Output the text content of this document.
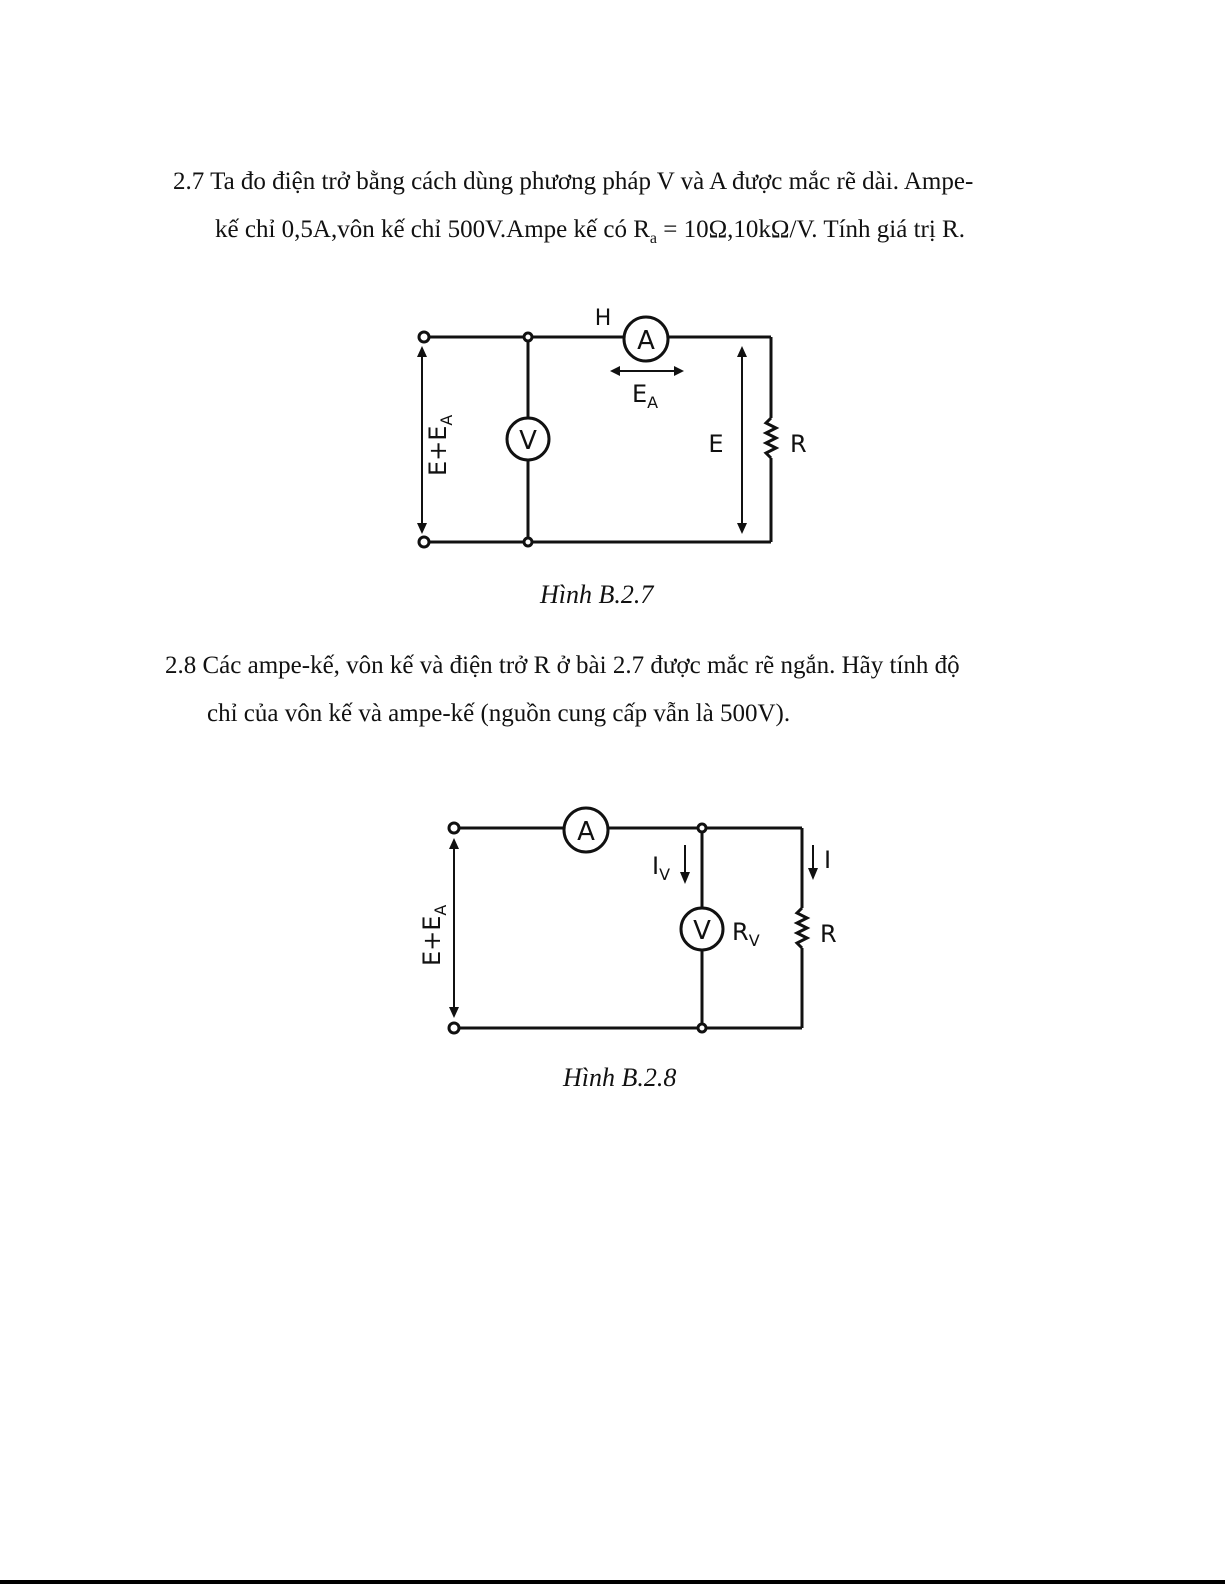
2.7 Ta đo điện trở bằng cách dùng phương pháp V và A được mắc rẽ dài. Ampe-
kế chỉ 0,5A,vôn kế chỉ 500V.Ampe kế có $R_a = 10\Omega,10k\Omega/V$. Tính giá trị R.
V
A
H
$E_A$
E	R
$E+E_A$
Hình B.2.7
2.8 Các ampe-kế, vôn kế và điện trở R ở bài 2.7 được mắc rẽ ngắn. Hãy tính độ
chỉ của vôn kế và ampe-kế (nguồn cung cấp vẫn là 500V).
A
V
$I_V$
I
$R_V$	R
$E+E_A$
Hình B.2.8
